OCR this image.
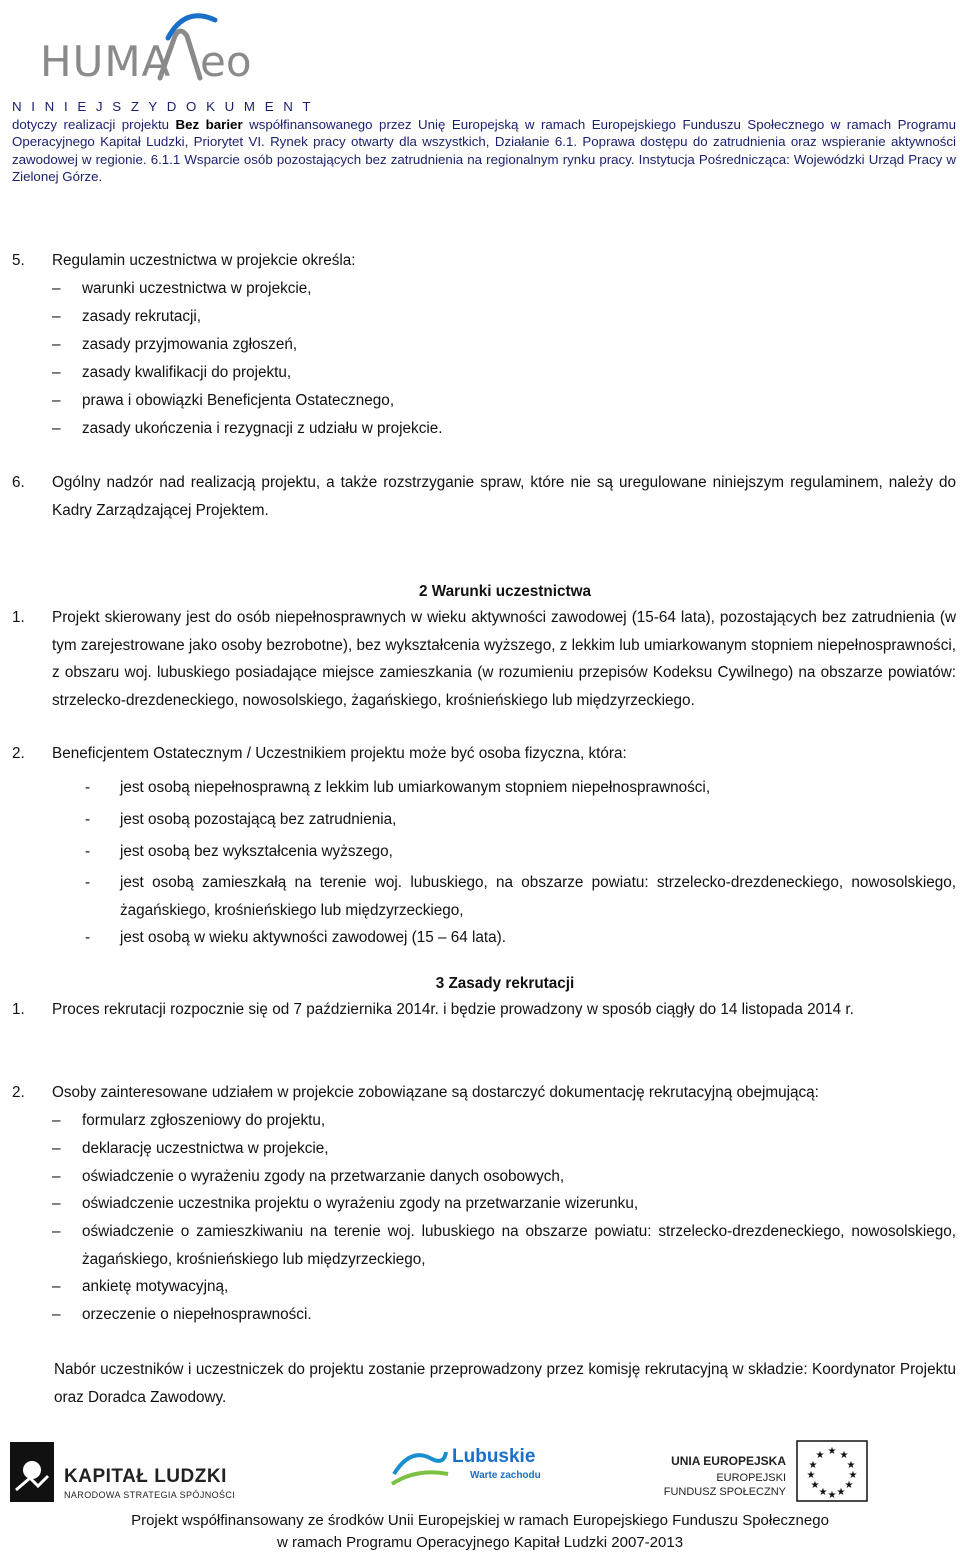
HUMA eo
N I N I E J S Z Y D O K U M E N T
dotyczy realizacji projektu Bez barier współfinansowanego przez Unię Europejską w ramach Europejskiego Funduszu Społecznego w ramach Programu Operacyjnego Kapitał Ludzki, Priorytet VI. Rynek pracy otwarty dla wszystkich, Działanie 6.1. Poprawa dostępu do zatrudnienia oraz wspieranie aktywności zawodowej w regionie. 6.1.1 Wsparcie osób pozostających bez zatrudnienia na regionalnym rynku pracy. Instytucja Pośrednicząca: Wojewódzki Urząd Pracy w Zielonej Górze.
5. Regulamin uczestnictwa w projekcie określa:
– warunki uczestnictwa w projekcie,
– zasady rekrutacji,
– zasady przyjmowania zgłoszeń,
– zasady kwalifikacji do projektu,
– prawa i obowiązki Beneficjenta Ostatecznego,
– zasady ukończenia i rezygnacji z udziału w projekcie.
6. Ogólny nadzór nad realizacją projektu, a także rozstrzyganie spraw, które nie są uregulowane niniejszym regulaminem, należy do Kadry Zarządzającej Projektem.
2 Warunki uczestnictwa
1. Projekt skierowany jest do osób niepełnosprawnych w wieku aktywności zawodowej (15-64 lata), pozostających bez zatrudnienia (w tym zarejestrowane jako osoby bezrobotne), bez wykształcenia wyższego, z lekkim lub umiarkowanym stopniem niepełnosprawności, z obszaru woj. lubuskiego posiadające miejsce zamieszkania (w rozumieniu przepisów Kodeksu Cywilnego) na obszarze powiatów: strzelecko-drezdeneckiego, nowosolskiego, żagańskiego, krośnieńskiego lub międzyrzeckiego.
2. Beneficjentem Ostatecznym / Uczestnikiem projektu może być osoba fizyczna, która:
- jest osobą niepełnosprawną z lekkim lub umiarkowanym stopniem niepełnosprawności,
- jest osobą pozostającą bez zatrudnienia,
- jest osobą bez wykształcenia wyższego,
- jest osobą zamieszkałą na terenie woj. lubuskiego, na obszarze powiatu: strzelecko-drezdeneckiego, nowosolskiego, żagańskiego, krośnieńskiego lub międzyrzeckiego,
- jest osobą w wieku aktywności zawodowej (15 – 64 lata).
3 Zasady rekrutacji
1. Proces rekrutacji rozpocznie się od 7 października 2014r. i będzie prowadzony w sposób ciągły do 14 listopada 2014 r.
2. Osoby zainteresowane udziałem w projekcie zobowiązane są dostarczyć dokumentację rekrutacyjną obejmującą:
– formularz zgłoszeniowy do projektu,
– deklarację uczestnictwa w projekcie,
– oświadczenie o wyrażeniu zgody na przetwarzanie danych osobowych,
– oświadczenie uczestnika projektu o wyrażeniu zgody na przetwarzanie wizerunku,
– oświadczenie o zamieszkiwaniu na terenie woj. lubuskiego na obszarze powiatu: strzelecko-drezdeneckiego, nowosolskiego, żagańskiego, krośnieńskiego lub międzyrzeckiego,
– ankietę motywacyjną,
– orzeczenie o niepełnosprawności.
Nabór uczestników i uczestniczek do projektu zostanie przeprowadzony przez komisję rekrutacyjną w składzie: Koordynator Projektu oraz Doradca Zawodowy.
KAPITAŁ LUDZKI
NARODOWA STRATEGIA SPÓJNOŚCI
Lubuskie
Warte zachodu
UNIA EUROPEJSKA
EUROPEJSKI
FUNDUSZ SPOŁECZNY
★ ★
★
★
★
★
★
★
★
★
★
★
Projekt współfinansowany ze środków Unii Europejskiej w ramach Europejskiego Funduszu Społecznego
w ramach Programu Operacyjnego Kapitał Ludzki 2007-2013
